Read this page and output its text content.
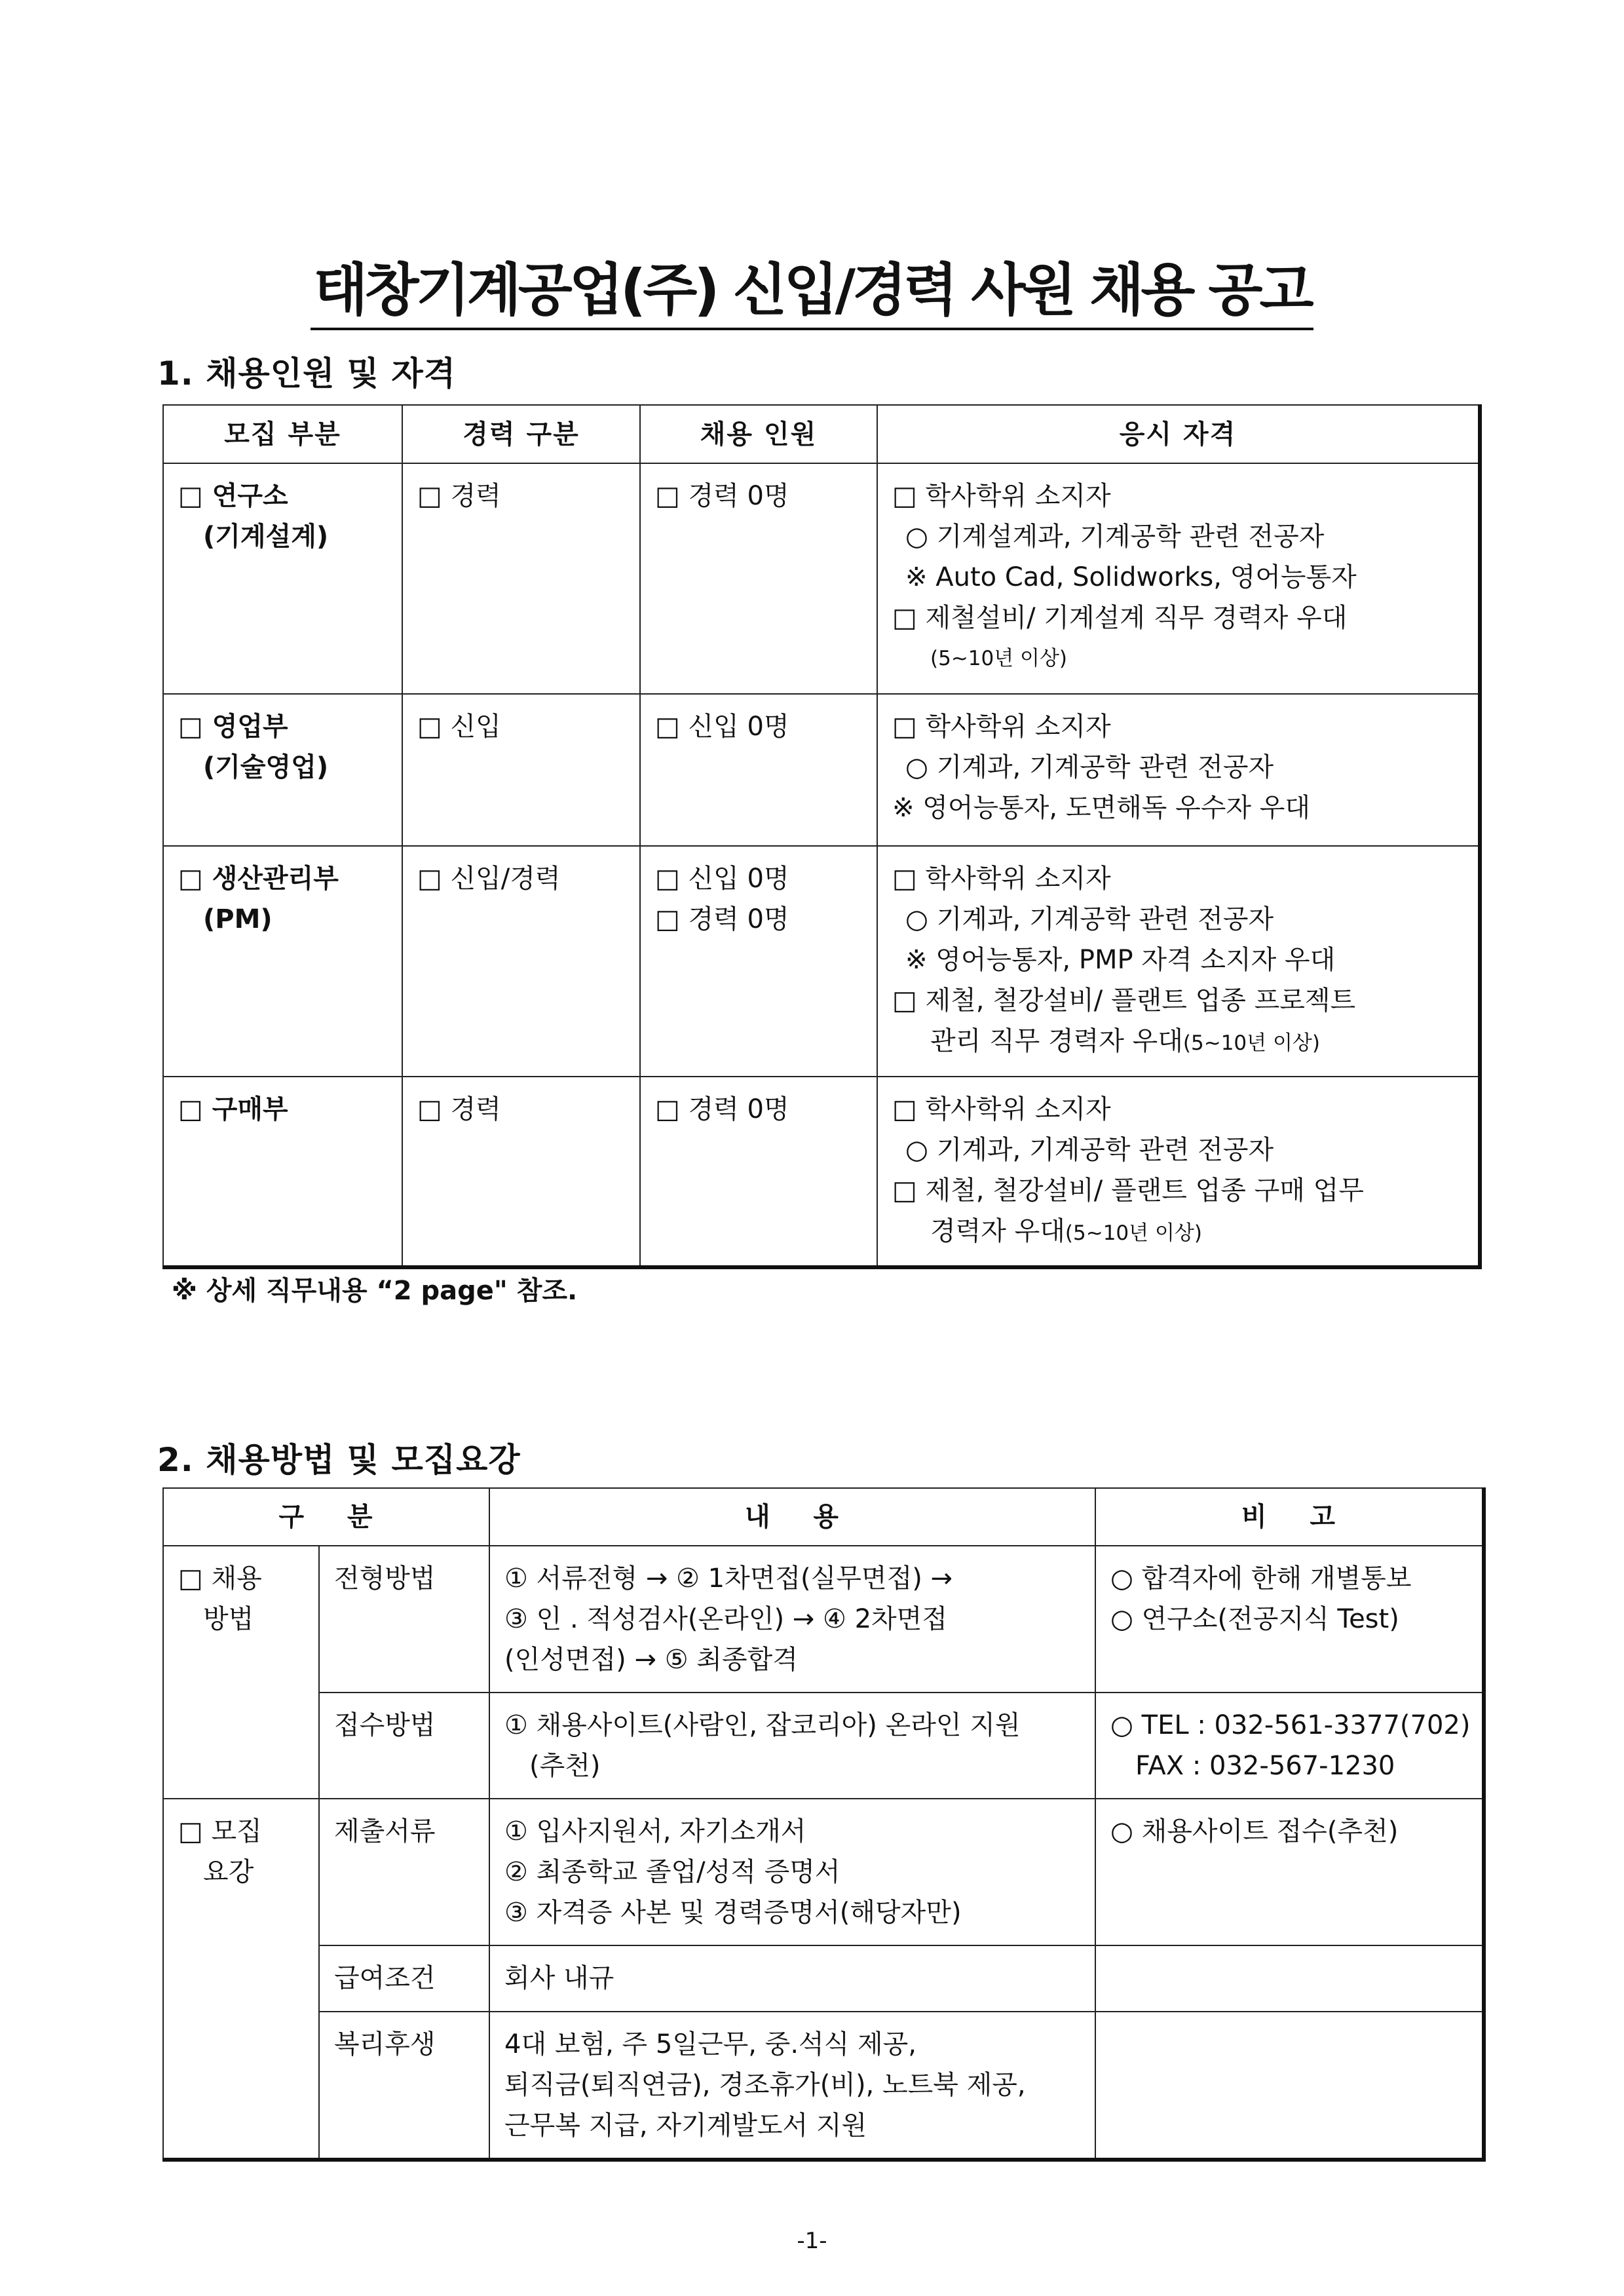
태창기계공업(주) 신입/경력 사원 채용 공고
1. 채용인원 및 자격
모집 부분	경력 구분	채용 인원	응시 자격

□ 연구소
(기계설계)	□ 경력	□ 경력 0명	□ 학사학위 소지자
○ 기계설계과, 기계공학 관련 전공자
※ Auto Cad, Solidworks, 영어능통자
□ 제철설비/ 기계설계 직무 경력자 우대
(5~10년 이상)

□ 영업부
(기술영업)	□ 신입	□ 신입 0명	□ 학사학위 소지자
○ 기계과, 기계공학 관련 전공자
※ 영어능통자, 도면해독 우수자 우대

□ 생산관리부
(PM)	□ 신입/경력	□ 신입 0명
□ 경력 0명	□ 학사학위 소지자
○ 기계과, 기계공학 관련 전공자
※ 영어능통자, PMP 자격 소지자 우대
□ 제철, 철강설비/ 플랜트 업종 프로젝트
관리 직무 경력자 우대(5~10년 이상)

□ 구매부	□ 경력	□ 경력 0명	□ 학사학위 소지자
○ 기계과, 기계공학 관련 전공자
□ 제철, 철강설비/ 플랜트 업종 구매 업무
경력자 우대(5~10년 이상)

※ 상세 직무내용 “2 page" 참조.

2. 채용방법 및 모집요강
구    분		내    용	비    고

□ 채용
방법	전형방법	① 서류전형 → ② 1차면접(실무면접) →
③ 인 . 적성검사(온라인) → ④ 2차면접
(인성면접) → ⑤ 최종합격	○ 합격자에 한해 개별통보
○ 연구소(전공지식 Test)

	접수방법	① 채용사이트(사람인, 잡코리아) 온라인 지원
(추천)	○ TEL : 032-561-3377(702)
FAX : 032-567-1230

□ 모집
요강	제출서류	① 입사지원서, 자기소개서
② 최종학교 졸업/성적 증명서
③ 자격증 사본 및 경력증명서(해당자만)	○ 채용사이트 접수(추천)

	급여조건	회사 내규	

	복리후생	4대 보험, 주 5일근무, 중.석식 제공,
퇴직금(퇴직연금), 경조휴가(비), 노트북 제공,
근무복 지급, 자기계발도서 지원	

-1-
